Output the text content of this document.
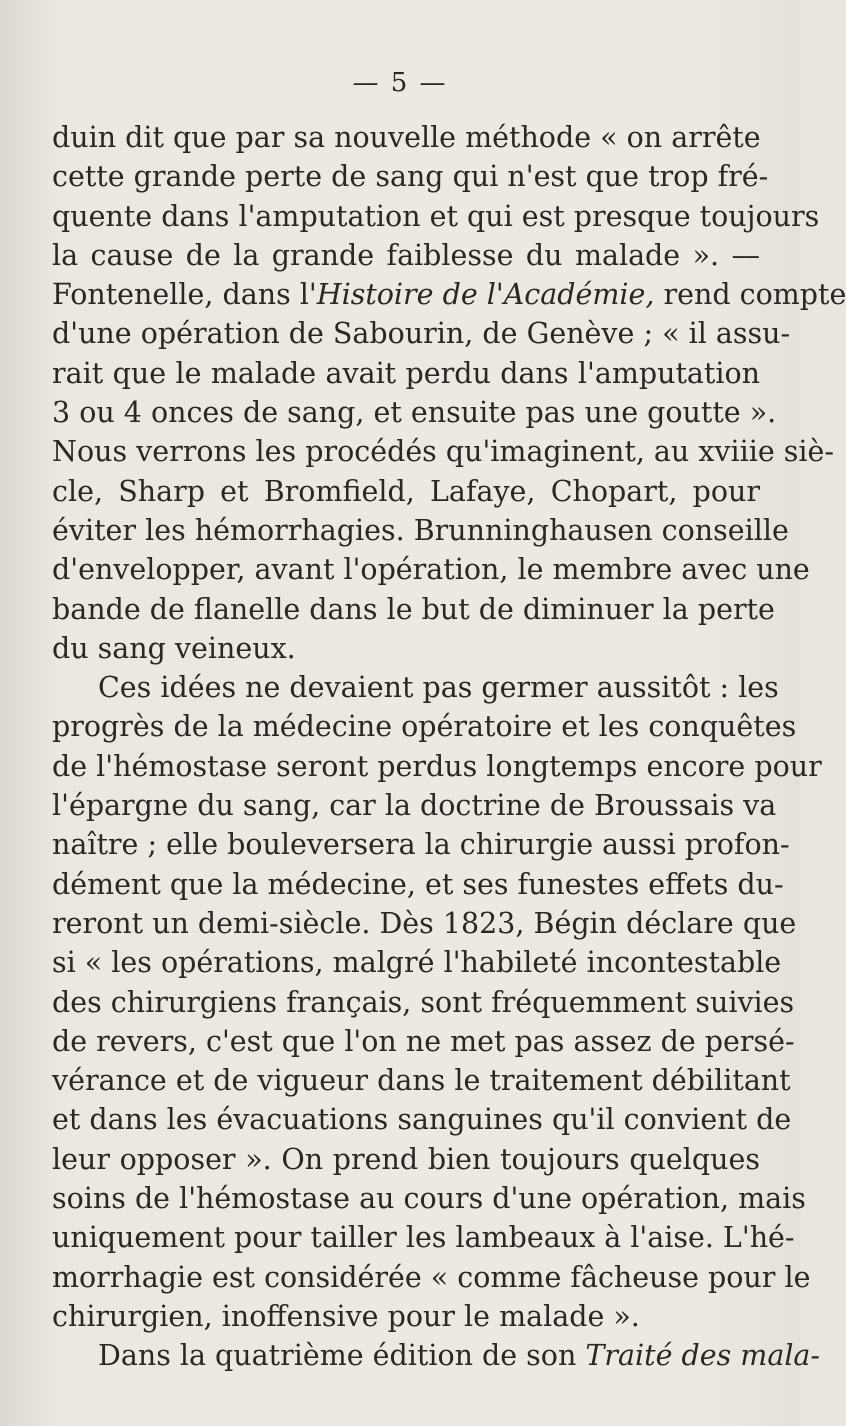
— 5 —
duin dit que par sa nouvelle méthode « on arrête
cette grande perte de sang qui n'est que trop fré-
quente dans l'amputation et qui est presque toujours
la cause de la grande faiblesse du malade ». —
Fontenelle, dans l'Histoire de l'Académie, rend compte
d'une opération de Sabourin, de Genève ; « il assu-
rait que le malade avait perdu dans l'amputation
3 ou 4 onces de sang, et ensuite pas une goutte ».
Nous verrons les procédés qu'imaginent, au xviiie siè-
cle, Sharp et Bromfield, Lafaye, Chopart, pour
éviter les hémorrhagies. Brunninghausen conseille
d'envelopper, avant l'opération, le membre avec une
bande de flanelle dans le but de diminuer la perte
du sang veineux.
Ces idées ne devaient pas germer aussitôt : les
progrès de la médecine opératoire et les conquêtes
de l'hémostase seront perdus longtemps encore pour
l'épargne du sang, car la doctrine de Broussais va
naître ; elle bouleversera la chirurgie aussi profon-
dément que la médecine, et ses funestes effets du-
reront un demi-siècle. Dès 1823, Bégin déclare que
si « les opérations, malgré l'habileté incontestable
des chirurgiens français, sont fréquemment suivies
de revers, c'est que l'on ne met pas assez de persé-
vérance et de vigueur dans le traitement débilitant
et dans les évacuations sanguines qu'il convient de
leur opposer ». On prend bien toujours quelques
soins de l'hémostase au cours d'une opération, mais
uniquement pour tailler les lambeaux à l'aise. L'hé-
morrhagie est considérée « comme fâcheuse pour le
chirurgien, inoffensive pour le malade ».
Dans la quatrième édition de son Traité des mala-
